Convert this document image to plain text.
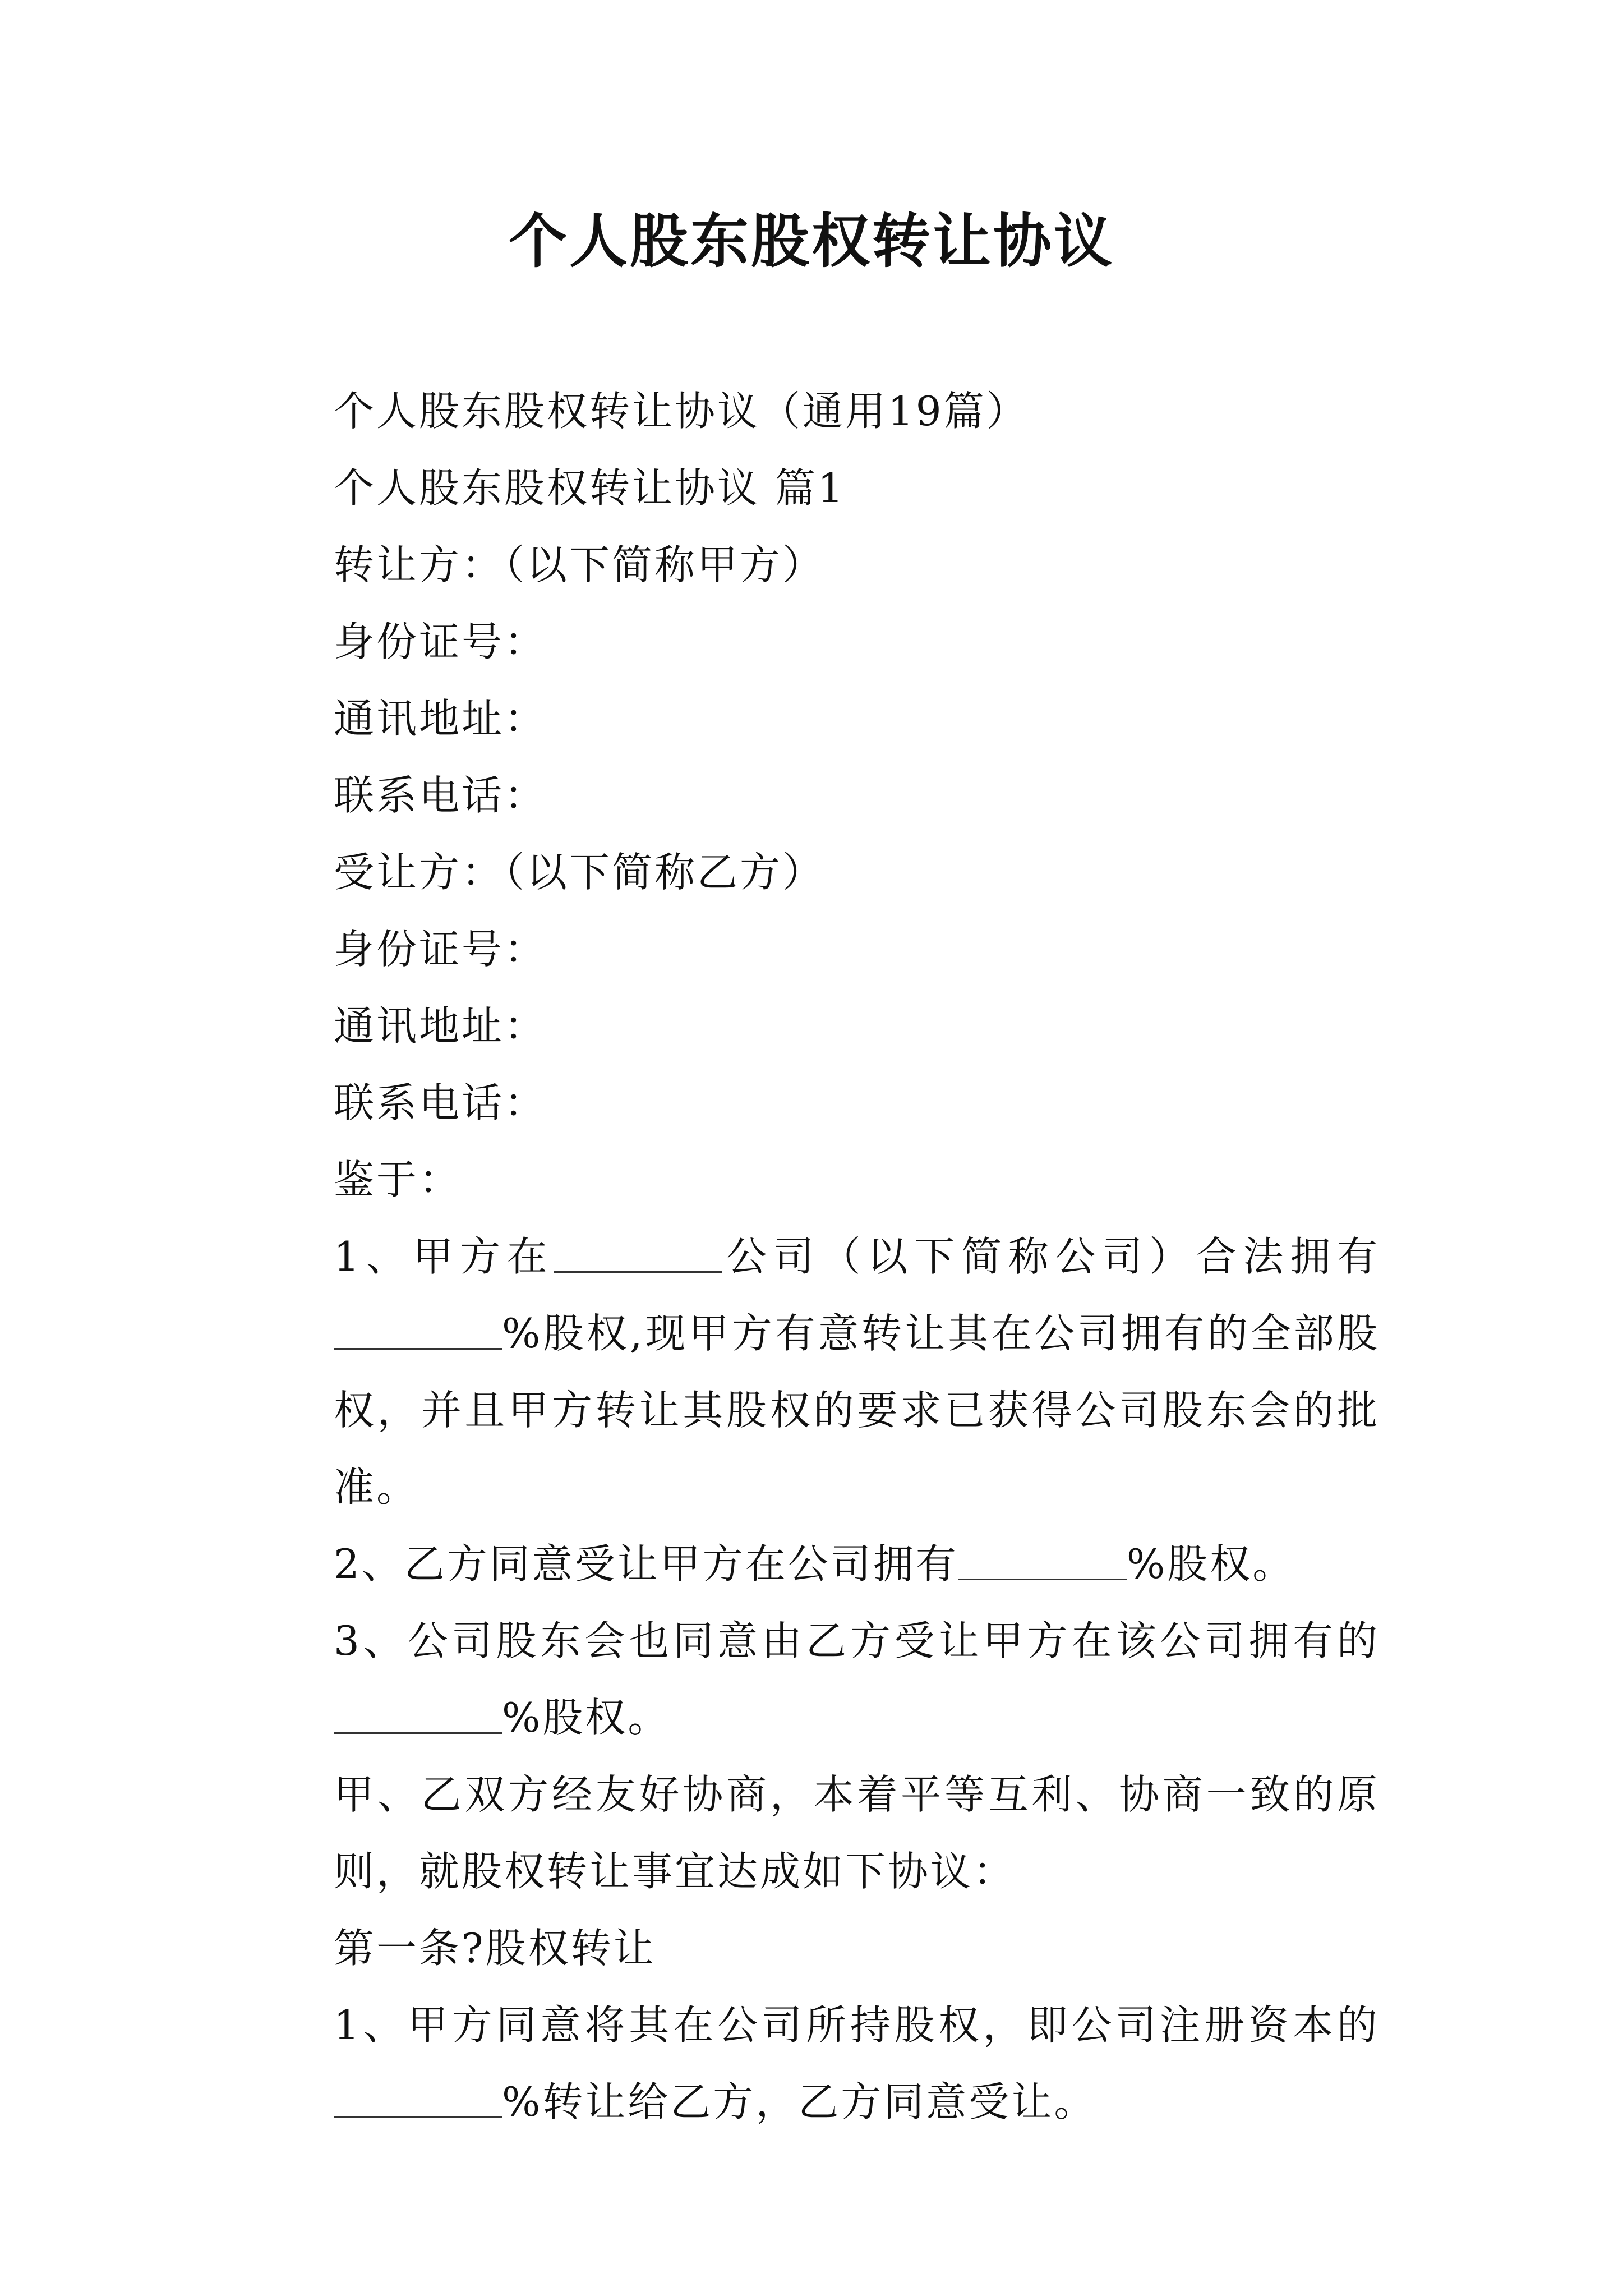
个人股东股权转让协议

个人股东股权转让协议（通用19篇）

个人股东股权转让协议 篇1

转让方：（以下简称甲方）

身份证号：

通讯地址：

联系电话：

受让方：（以下简称乙方）

身份证号：

通讯地址：

联系电话：

鉴于：

1、甲方在	公司（以下简称公司）合法拥有%股权,现甲方有意转让其在公司拥有的全部股权，并且甲方转让其股权的要求已获得公司股东会的批准。

2、乙方同意受让甲方在公司拥有	%股权。

3、公司股东会也同意由乙方受让甲方在该公司拥有的%股权。

甲、乙双方经友好协商，本着平等互利、协商一致的原则，就股权转让事宜达成如下协议：

第一条?股权转让

1、甲方同意将其在公司所持股权，即公司注册资本的%转让给乙方，乙方同意受让。
